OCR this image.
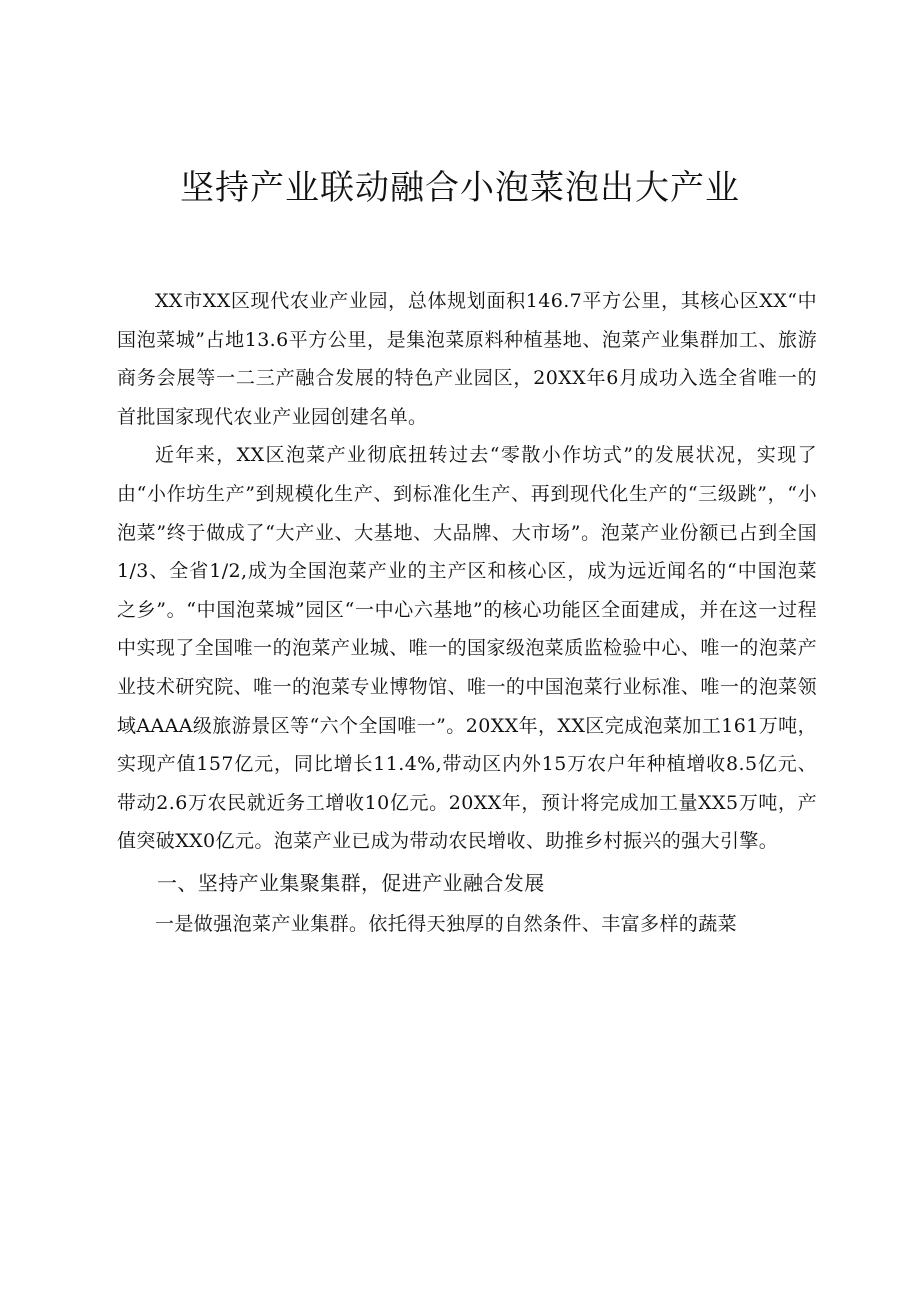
坚持产业联动融合小泡菜泡出大产业

XX市XX区现代农业产业园，总体规划面积146.7平方公里，其核心区XX“中国泡菜城”占地13.6平方公里，是集泡菜原料种植基地、泡菜产业集群加工、旅游商务会展等一二三产融合发展的特色产业园区，20XX年6月成功入选全省唯一的首批国家现代农业产业园创建名单。

近年来，XX区泡菜产业彻底扭转过去“零散小作坊式”的发展状况，实现了由“小作坊生产”到规模化生产、到标准化生产、再到现代化生产的“三级跳”，“小泡菜”终于做成了“大产业、大基地、大品牌、大市场”。泡菜产业份额已占到全国1/3、全省1/2,成为全国泡菜产业的主产区和核心区，成为远近闻名的“中国泡菜之乡”。“中国泡菜城”园区“一中心六基地”的核心功能区全面建成，并在这一过程中实现了全国唯一的泡菜产业城、唯一的国家级泡菜质监检验中心、唯一的泡菜产业技术研究院、唯一的泡菜专业博物馆、唯一的中国泡菜行业标准、唯一的泡菜领域AAAA级旅游景区等“六个全国唯一”。20XX年，XX区完成泡菜加工161万吨，实现产值157亿元，同比增长11.4%,带动区内外15万农户年种植增收8.5亿元、带动2.6万农民就近务工增收10亿元。20XX年，预计将完成加工量XX5万吨，产值突破XX0亿元。泡菜产业已成为带动农民增收、助推乡村振兴的强大引擎。

一、坚持产业集聚集群，促进产业融合发展

一是做强泡菜产业集群。依托得天独厚的自然条件、丰富多样的蔬菜
